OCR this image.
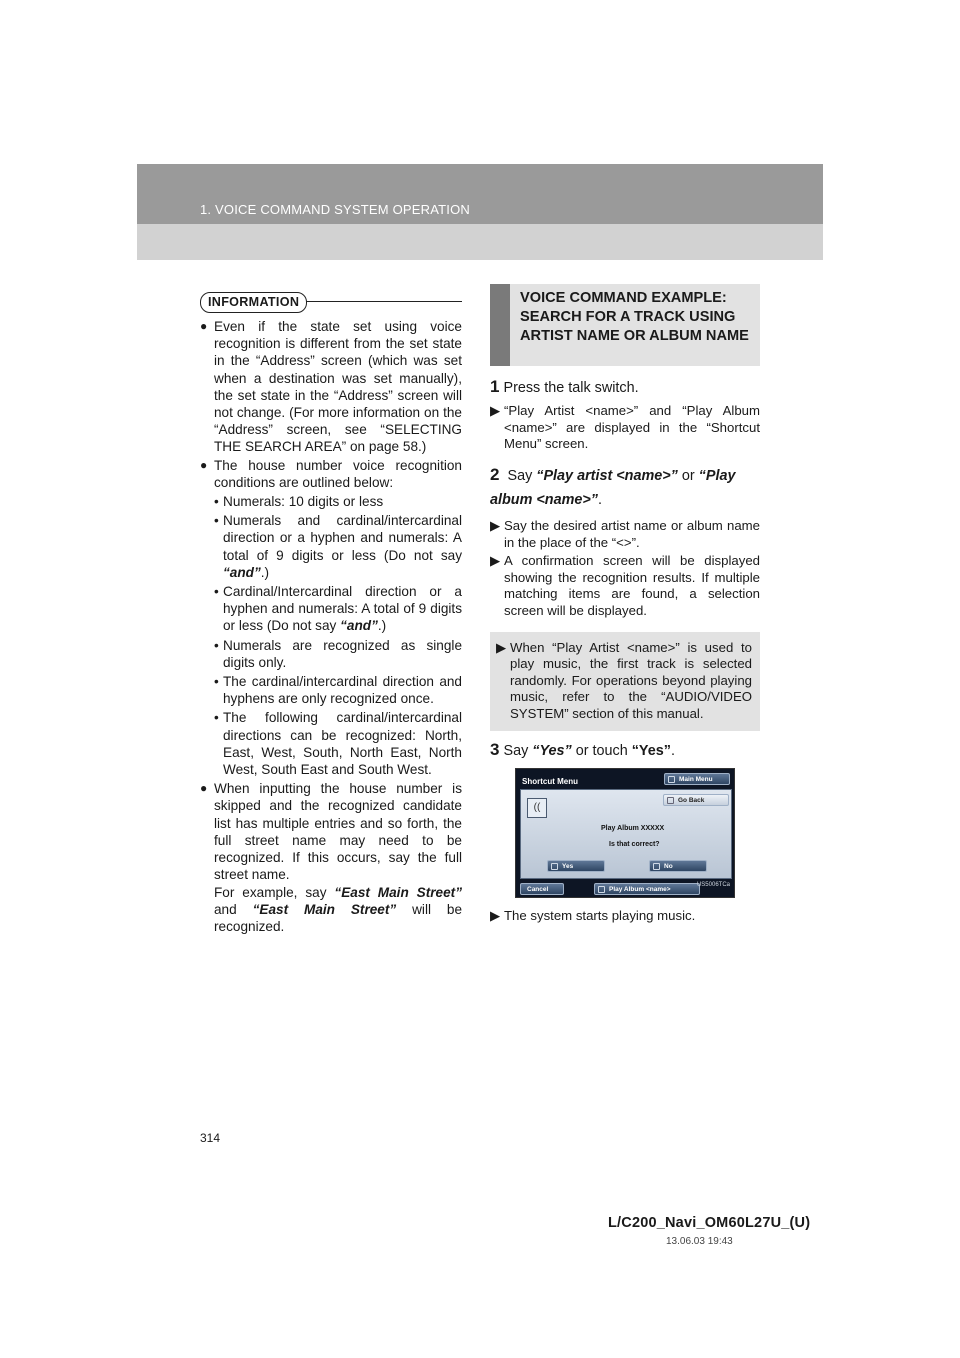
1. VOICE COMMAND SYSTEM OPERATION
INFORMATION
● Even if the state set using voice recognition is different from the set state in the “Address” screen (which was set when a destination was set manually), the set state in the “Address” screen will not change. (For more information on the “Address” screen, see “SELECTING THE SEARCH AREA” on page 58.)
● The house number voice recognition conditions are outlined below:
• Numerals: 10 digits or less
• Numerals and cardinal/intercardinal direction or a hyphen and numerals: A total of 9 digits or less (Do not say “and”.)
• Cardinal/Intercardinal direction or a hyphen and numerals: A total of 9 digits or less (Do not say “and”.)
• Numerals are recognized as single digits only.
• The cardinal/intercardinal direction and hyphens are only recognized once.
• The following cardinal/intercardinal directions can be recognized: North, East, West, South, North East, North West, South East and South West.
● When inputting the house number is skipped and the recognized candidate list has multiple entries and so forth, the full street name may need to be recognized. If this occurs, say the full street name.
For example, say “East Main Street” and “East Main Street” will be recognized.
VOICE COMMAND EXAMPLE: SEARCH FOR A TRACK USING ARTIST NAME OR ALBUM NAME
1 Press the talk switch.
▶ “Play Artist <name>” and “Play Album <name>” are displayed in the “Shortcut Menu” screen.
2 Say “Play artist <name>” or “Play album <name>”.
▶ Say the desired artist name or album name in the place of the “<>”.
▶ A confirmation screen will be displayed showing the recognition results. If multiple matching items are found, a selection screen will be displayed.
▶ When “Play Artist <name>” is used to play music, the first track is selected randomly. For operations beyond playing music, refer to the “AUDIO/VIDEO SYSTEM” section of this manual.
3 Say “Yes” or touch “Yes”.
Shortcut Menu	Main Menu
((
Go Back
Play Album XXXXX
Is that correct?
Yes	No
Cancel	Play Album <name>
US5006TCa
▶ The system starts playing music.
314
L/C200_Navi_OM60L27U_(U)
13.06.03 19:43
